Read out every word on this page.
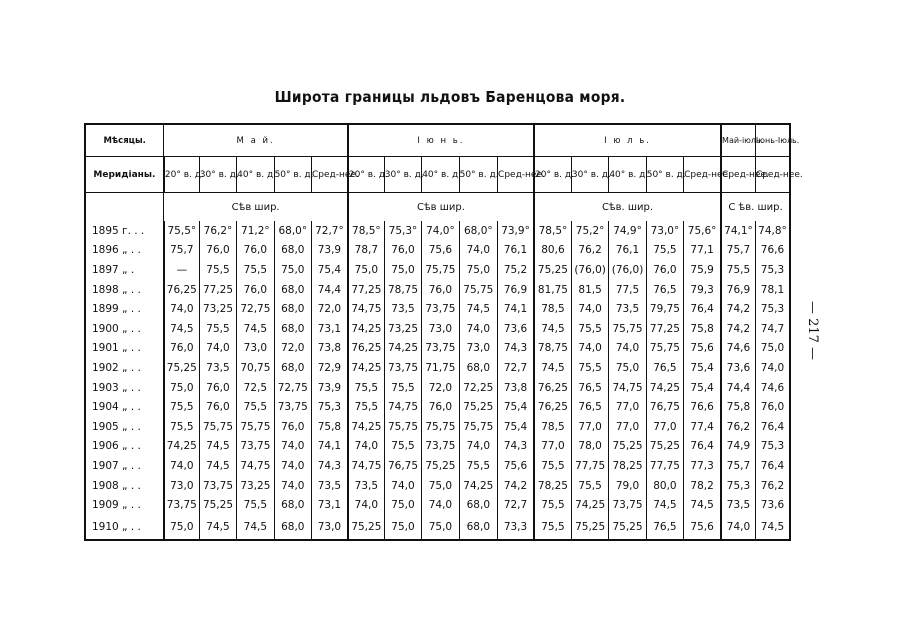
Широта границы льдовъ Баренцова моря.
Мѣсяцы.	М а й.					І ю н ь.					І ю л ь.					Май-іюль.	Іюнь-Іюль.
Меридіаны.	20° в. д.	30° в. д.	40° в. д.	50° в. д.	Сред-нее.	20° в. д.	30° в. д.	40° в. д.	50° в. д.	Сред-нее.	20° в. д.	30° в. д.	40° в. д.	50° в. д.	Сред-нее.	Сред-нее.	Сред-нее.
	Сѣв шир.					Сѣв шир.					Сѣв. шир.					С ѣв. шир.	
1895 г. . .	75,5°	76,2°	71,2°	68,0°	72,7°	78,5°	75,3°	74,0°	68,0°	73,9°	78,5°	75,2°	74,9°	73,0°	75,6°	74,1°	74,8°
1896 „ . .	75,7	76,0	76,0	68,0	73,9	78,7	76,0	75,6	74,0	76,1	80,6	76,2	76,1	75,5	77,1	75,7	76,6
1897 „ .	—	75,5	75,5	75,0	75,4	75,0	75,0	75,75	75,0	75,2	75,25	(76,0)	(76,0)	76,0	75,9	75,5	75,3
1898 „ . .	76,25	77,25	76,0	68,0	74,4	77,25	78,75	76,0	75,75	76,9	81,75	81,5	77,5	76,5	79,3	76,9	78,1
1899 „ . .	74,0	73,25	72,75	68,0	72,0	74,75	73,5	73,75	74,5	74,1	78,5	74,0	73,5	79,75	76,4	74,2	75,3
1900 „ . .	74,5	75,5	74,5	68,0	73,1	74,25	73,25	73,0	74,0	73,6	74,5	75,5	75,75	77,25	75,8	74,2	74,7
1901 „ . .	76,0	74,0	73,0	72,0	73,8	76,25	74,25	73,75	73,0	74,3	78,75	74,0	74,0	75,75	75,6	74,6	75,0
1902 „ . .	75,25	73,5	70,75	68,0	72,9	74,25	73,75	71,75	68,0	72,7	74,5	75,5	75,0	76,5	75,4	73,6	74,0
1903 „ . .	75,0	76,0	72,5	72,75	73,9	75,5	75,5	72,0	72,25	73,8	76,25	76,5	74,75	74,25	75,4	74,4	74,6
1904 „ . .	75,5	76,0	75,5	73,75	75,3	75,5	74,75	76,0	75,25	75,4	76,25	76,5	77,0	76,75	76,6	75,8	76,0
1905 „ . .	75,5	75,75	75,75	76,0	75,8	74,25	75,75	75,75	75,75	75,4	78,5	77,0	77,0	77,0	77,4	76,2	76,4
1906 „ . .	74,25	74,5	73,75	74,0	74,1	74,0	75,5	73,75	74,0	74,3	77,0	78,0	75,25	75,25	76,4	74,9	75,3
1907 „ . .	74,0	74,5	74,75	74,0	74,3	74,75	76,75	75,25	75,5	75,6	75,5	77,75	78,25	77,75	77,3	75,7	76,4
1908 „ . .	73,0	73,75	73,25	74,0	73,5	73,5	74,0	75,0	74,25	74,2	78,25	75,5	79,0	80,0	78,2	75,3	76,2
1909 „ . .	73,75	75,25	75,5	68,0	73,1	74,0	75,0	74,0	68,0	72,7	75,5	74,25	73,75	74,5	74,5	73,5	73,6
1910 „ . .	75,0	74,5	74,5	68,0	73,0	75,25	75,0	75,0	68,0	73,3	75,5	75,25	75,25	76,5	75,6	74,0	74,5
— 217 —
